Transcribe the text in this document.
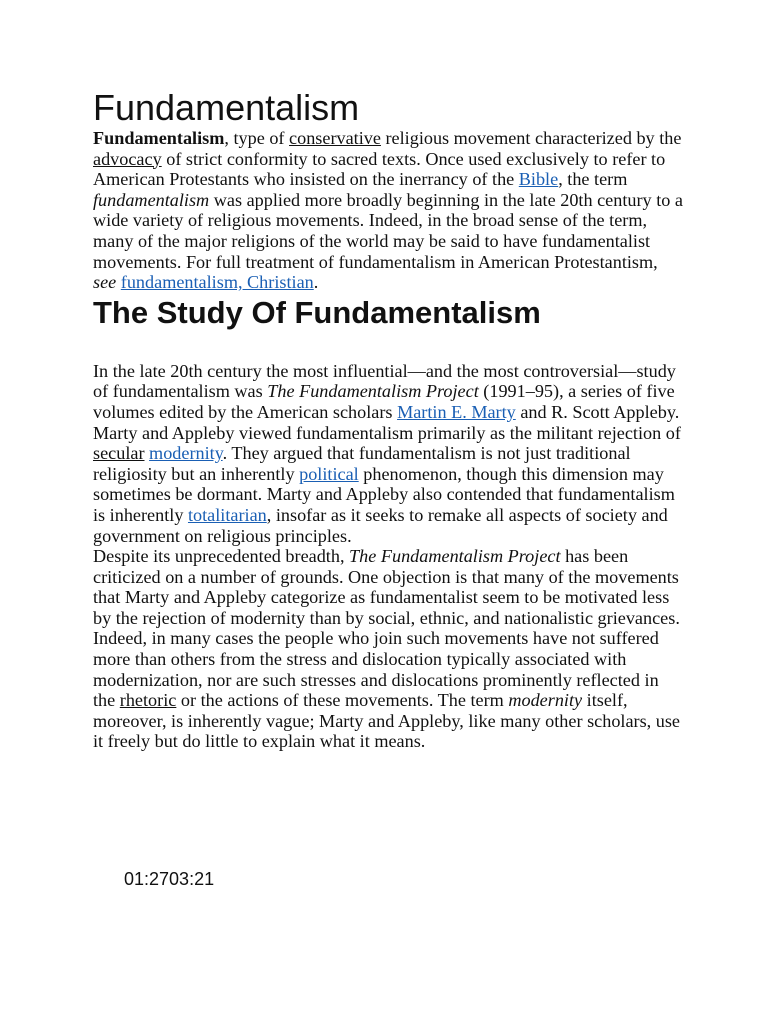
Fundamentalism

Fundamentalism, type of conservative religious movement characterized by the advocacy of strict conformity to sacred texts. Once used exclusively to refer to American Protestants who insisted on the inerrancy of the Bible, the term fundamentalism was applied more broadly beginning in the late 20th century to a wide variety of religious movements. Indeed, in the broad sense of the term, many of the major religions of the world may be said to have fundamentalist movements. For full treatment of fundamentalism in American Protestantism, see fundamentalism, Christian.

The Study Of Fundamentalism

In the late 20th century the most influential—and the most controversial—study of fundamentalism was The Fundamentalism Project (1991–95), a series of five volumes edited by the American scholars Martin E. Marty and R. Scott Appleby. Marty and Appleby viewed fundamentalism primarily as the militant rejection of secular modernity. They argued that fundamentalism is not just traditional religiosity but an inherently political phenomenon, though this dimension may sometimes be dormant. Marty and Appleby also contended that fundamentalism is inherently totalitarian, insofar as it seeks to remake all aspects of society and government on religious principles.

Despite its unprecedented breadth, The Fundamentalism Project has been criticized on a number of grounds. One objection is that many of the movements that Marty and Appleby categorize as fundamentalist seem to be motivated less by the rejection of modernity than by social, ethnic, and nationalistic grievances. Indeed, in many cases the people who join such movements have not suffered more than others from the stress and dislocation typically associated with modernization, nor are such stresses and dislocations prominently reflected in the rhetoric or the actions of these movements. The term modernity itself, moreover, is inherently vague; Marty and Appleby, like many other scholars, use it freely but do little to explain what it means.

01:2703:21
